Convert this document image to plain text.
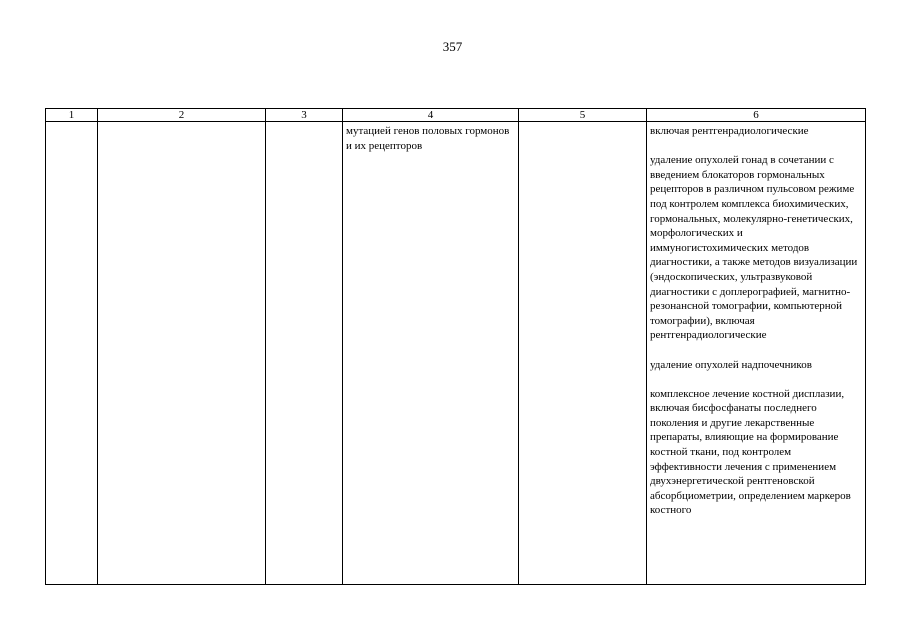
357
1	2	3	4	5	6
			мутацией генов половых гормонов и их рецепторов		включая рентгенрадиологические
удаление опухолей гонад в сочетании с введением блокаторов гормональных рецепторов в различном пульсовом режиме под контролем комплекса биохимических, гормональных, молекулярно-генетических, морфологических и иммуногистохимических методов диагностики, а также методов визуализации (эндоскопических, ультразвуковой диагностики с доплерографией, магнитно-резонансной томографии, компьютерной томографии), включая рентгенрадиологические
удаление опухолей надпочечников
комплексное лечение костной дисплазии, включая бисфосфанаты последнего поколения и другие лекарственные препараты, влияющие на формирование костной ткани, под контролем эффективности лечения с применением двухэнергетической рентгеновской абсорбциометрии, определением маркеров костного
